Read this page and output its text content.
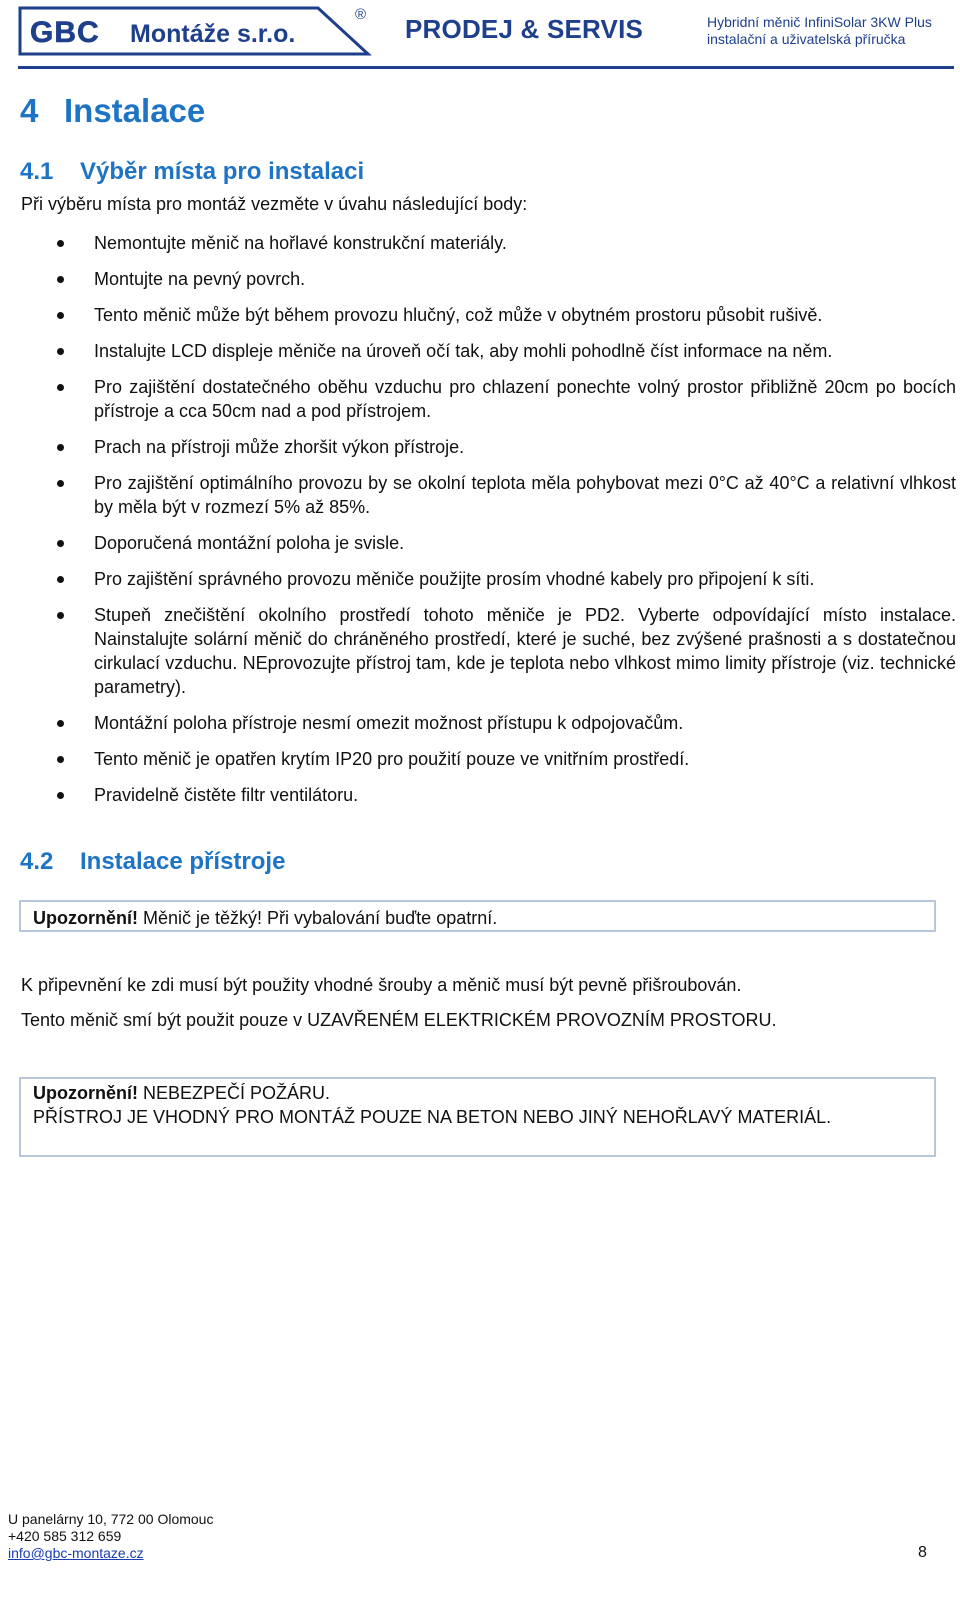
GBC Montáže s.r.o.
® PRODEJ & SERVIS	Hybridní měnič InfiniSolar 3KW Plus
instalační a uživatelská příručka
4 Instalace
4.1 Výběr místa pro instalaci
Při výběru místa pro montáž vezměte v úvahu následující body:
Nemontujte měnič na hořlavé konstrukční materiály.
Montujte na pevný povrch.
Tento měnič může být během provozu hlučný, což může v obytném prostoru působit rušivě.
Instalujte LCD displeje měniče na úroveň očí tak, aby mohli pohodlně číst informace na něm.
Pro zajištění dostatečného oběhu vzduchu pro chlazení ponechte volný prostor přibližně 20cm po bocích přístroje a cca 50cm nad a pod přístrojem.
Prach na přístroji může zhoršit výkon přístroje.
Pro zajištění optimálního provozu by se okolní teplota měla pohybovat mezi 0°C až 40°C a relativní vlhkost by měla být v rozmezí 5% až 85%.
Doporučená montážní poloha je svisle.
Pro zajištění správného provozu měniče použijte prosím vhodné kabely pro připojení k síti.
Stupeň znečištění okolního prostředí tohoto měniče je PD2. Vyberte odpovídající místo instalace. Nainstalujte solární měnič do chráněného prostředí, které je suché, bez zvýšené prašnosti a s dostatečnou cirkulací vzduchu. NEprovozujte přístroj tam, kde je teplota nebo vlhkost mimo limity přístroje (viz. technické parametry).
Montážní poloha přístroje nesmí omezit možnost přístupu k odpojovačům.
Tento měnič je opatřen krytím IP20 pro použití pouze ve vnitřním prostředí.
Pravidelně čistěte filtr ventilátoru.
4.2 Instalace přístroje
Upozornění! Měnič je těžký! Při vybalování buďte opatrní.
K připevnění ke zdi musí být použity vhodné šrouby a měnič musí být pevně přišroubován.
Tento měnič smí být použit pouze v UZAVŘENÉM ELEKTRICKÉM PROVOZNÍM PROSTORU.
Upozornění! NEBEZPEČÍ POŽÁRU.
PŘÍSTROJ JE VHODNÝ PRO MONTÁŽ POUZE NA BETON NEBO JINÝ NEHOŘLAVÝ MATERIÁL.
U panelárny 10, 772 00 Olomouc
+420 585 312 659
info@gbc-montaze.cz	8
